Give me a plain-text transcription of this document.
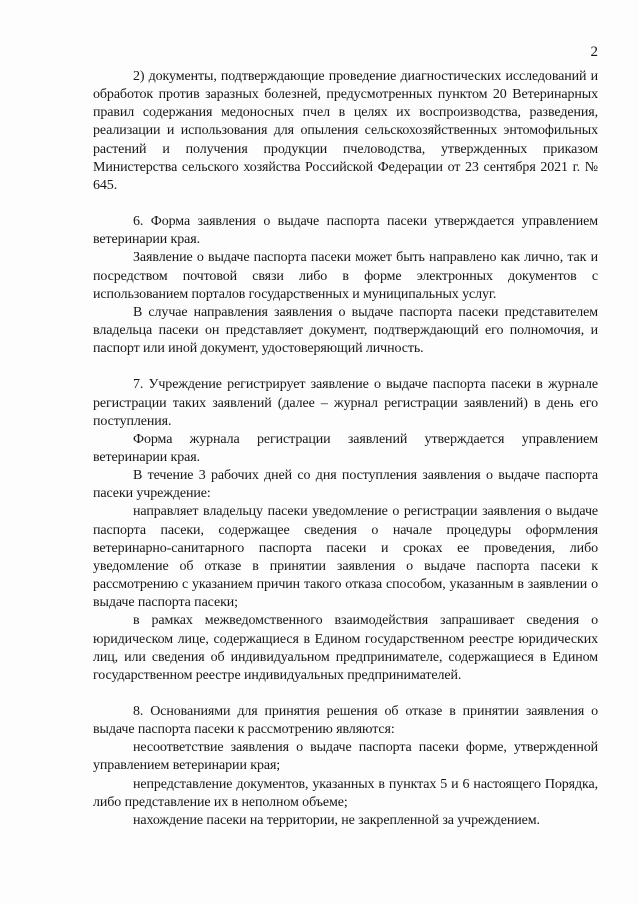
2

2) документы, подтверждающие проведение диагностических исследований и обработок против заразных болезней, предусмотренных пунктом 20 Ветеринарных правил содержания медоносных пчел в целях их воспроизводства, разведения, реализации и использования для опыления сельскохозяйственных энтомофильных растений и получения продукции пчеловодства, утвержденных приказом Министерства сельского хозяйства Российской Федерации от 23 сентября 2021 г. № 645.

6. Форма заявления о выдаче паспорта пасеки утверждается управлением ветеринарии края.

Заявление о выдаче паспорта пасеки может быть направлено как лично, так и посредством почтовой связи либо в форме электронных документов с использованием порталов государственных и муниципальных услуг.

В случае направления заявления о выдаче паспорта пасеки представителем владельца пасеки он представляет документ, подтверждающий его полномочия, и паспорт или иной документ, удостоверяющий личность.

7. Учреждение регистрирует заявление о выдаче паспорта пасеки в журнале регистрации таких заявлений (далее – журнал регистрации заявлений) в день его поступления.

Форма журнала регистрации заявлений утверждается управлением ветеринарии края.

В течение 3 рабочих дней со дня поступления заявления о выдаче паспорта пасеки учреждение:

направляет владельцу пасеки уведомление о регистрации заявления о выдаче паспорта пасеки, содержащее сведения о начале процедуры оформления ветеринарно-санитарного паспорта пасеки и сроках ее проведения, либо уведомление об отказе в принятии заявления о выдаче паспорта пасеки к рассмотрению с указанием причин такого отказа способом, указанным в заявлении о выдаче паспорта пасеки;

в рамках межведомственного взаимодействия запрашивает сведения о юридическом лице, содержащиеся в Едином государственном реестре юридических лиц, или сведения об индивидуальном предпринимателе, содержащиеся в Едином государственном реестре индивидуальных предпринимателей.

8. Основаниями для принятия решения об отказе в принятии заявления о выдаче паспорта пасеки к рассмотрению являются:

несоответствие заявления о выдаче паспорта пасеки форме, утвержденной управлением ветеринарии края;

непредставление документов, указанных в пунктах 5 и 6 настоящего Порядка, либо представление их в неполном объеме;

нахождение пасеки на территории, не закрепленной за учреждением.
